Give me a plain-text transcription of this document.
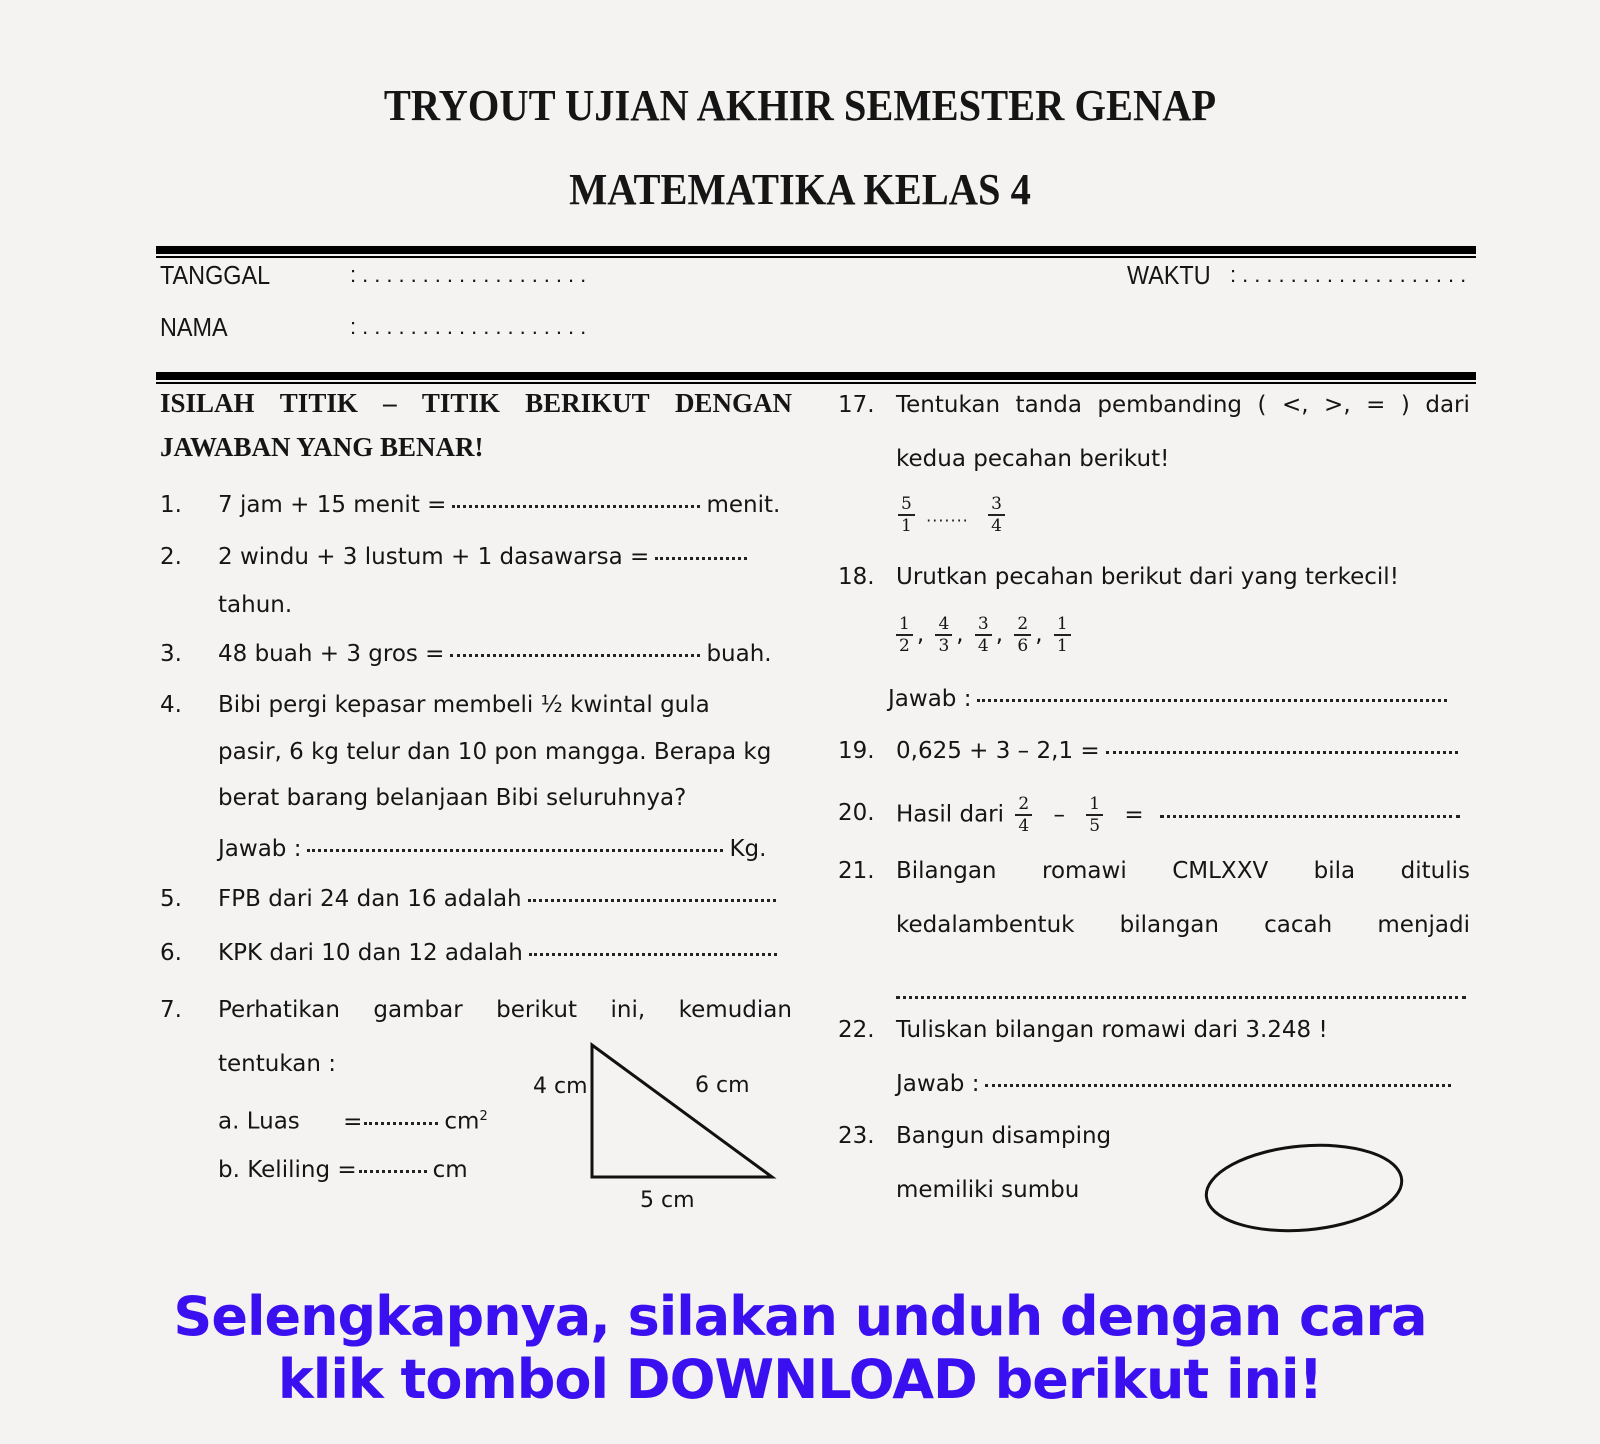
TRYOUT UJIAN AKHIR SEMESTER GENAP
MATEMATIKA KELAS 4
TANGGAL	:...................	WAKTU :...................
NAMA	:...................
ISILAH TITIK – TITIK BERIKUT DENGAN
JAWABAN YANG BENAR!
1. 7 jam + 15 menit =	menit.
2. 2 windu + 3 lustum + 1 dasawarsa =
tahun.
3. 48 buah + 3 gros =	buah.
4. Bibi pergi kepasar membeli ½ kwintal gula
pasir, 6 kg telur dan 10 pon mangga. Berapa kg
berat barang belanjaan Bibi seluruhnya?
Jawab :	Kg.
5. FPB dari 24 dan 16 adalah
6. KPK dari 10 dan 12 adalah
7. Perhatikan gambar berikut ini, kemudian
tentukan :
a. Luas =	$cm^2$
b. Keliling =	cm
4 cm	6 cm
5 cm
17. Tentukan tanda pembanding ( <, >, = ) dari
kedua pecahan berikut!
$\frac{5}{1}$ ....... $\frac{3}{4}$
18. Urutkan pecahan berikut dari yang terkecil!
$\frac{1}{2}$ , $\frac{4}{3}$ , $\frac{3}{4}$ , $\frac{2}{6}$ , $\frac{1}{1}$
Jawab :
19. 0,625 + 3 – 2,1 =
20. Hasil dari $\frac{2}{4} - \frac{1}{5}$ =
21. Bilangan romawi CMLXXV bila ditulis
kedalambentuk bilangan cacah menjadi
22. Tuliskan bilangan romawi dari 3.248 !
Jawab :
23. Bangun disamping
memiliki sumbu
Selengkapnya, silakan unduh dengan cara
klik tombol DOWNLOAD berikut ini!
